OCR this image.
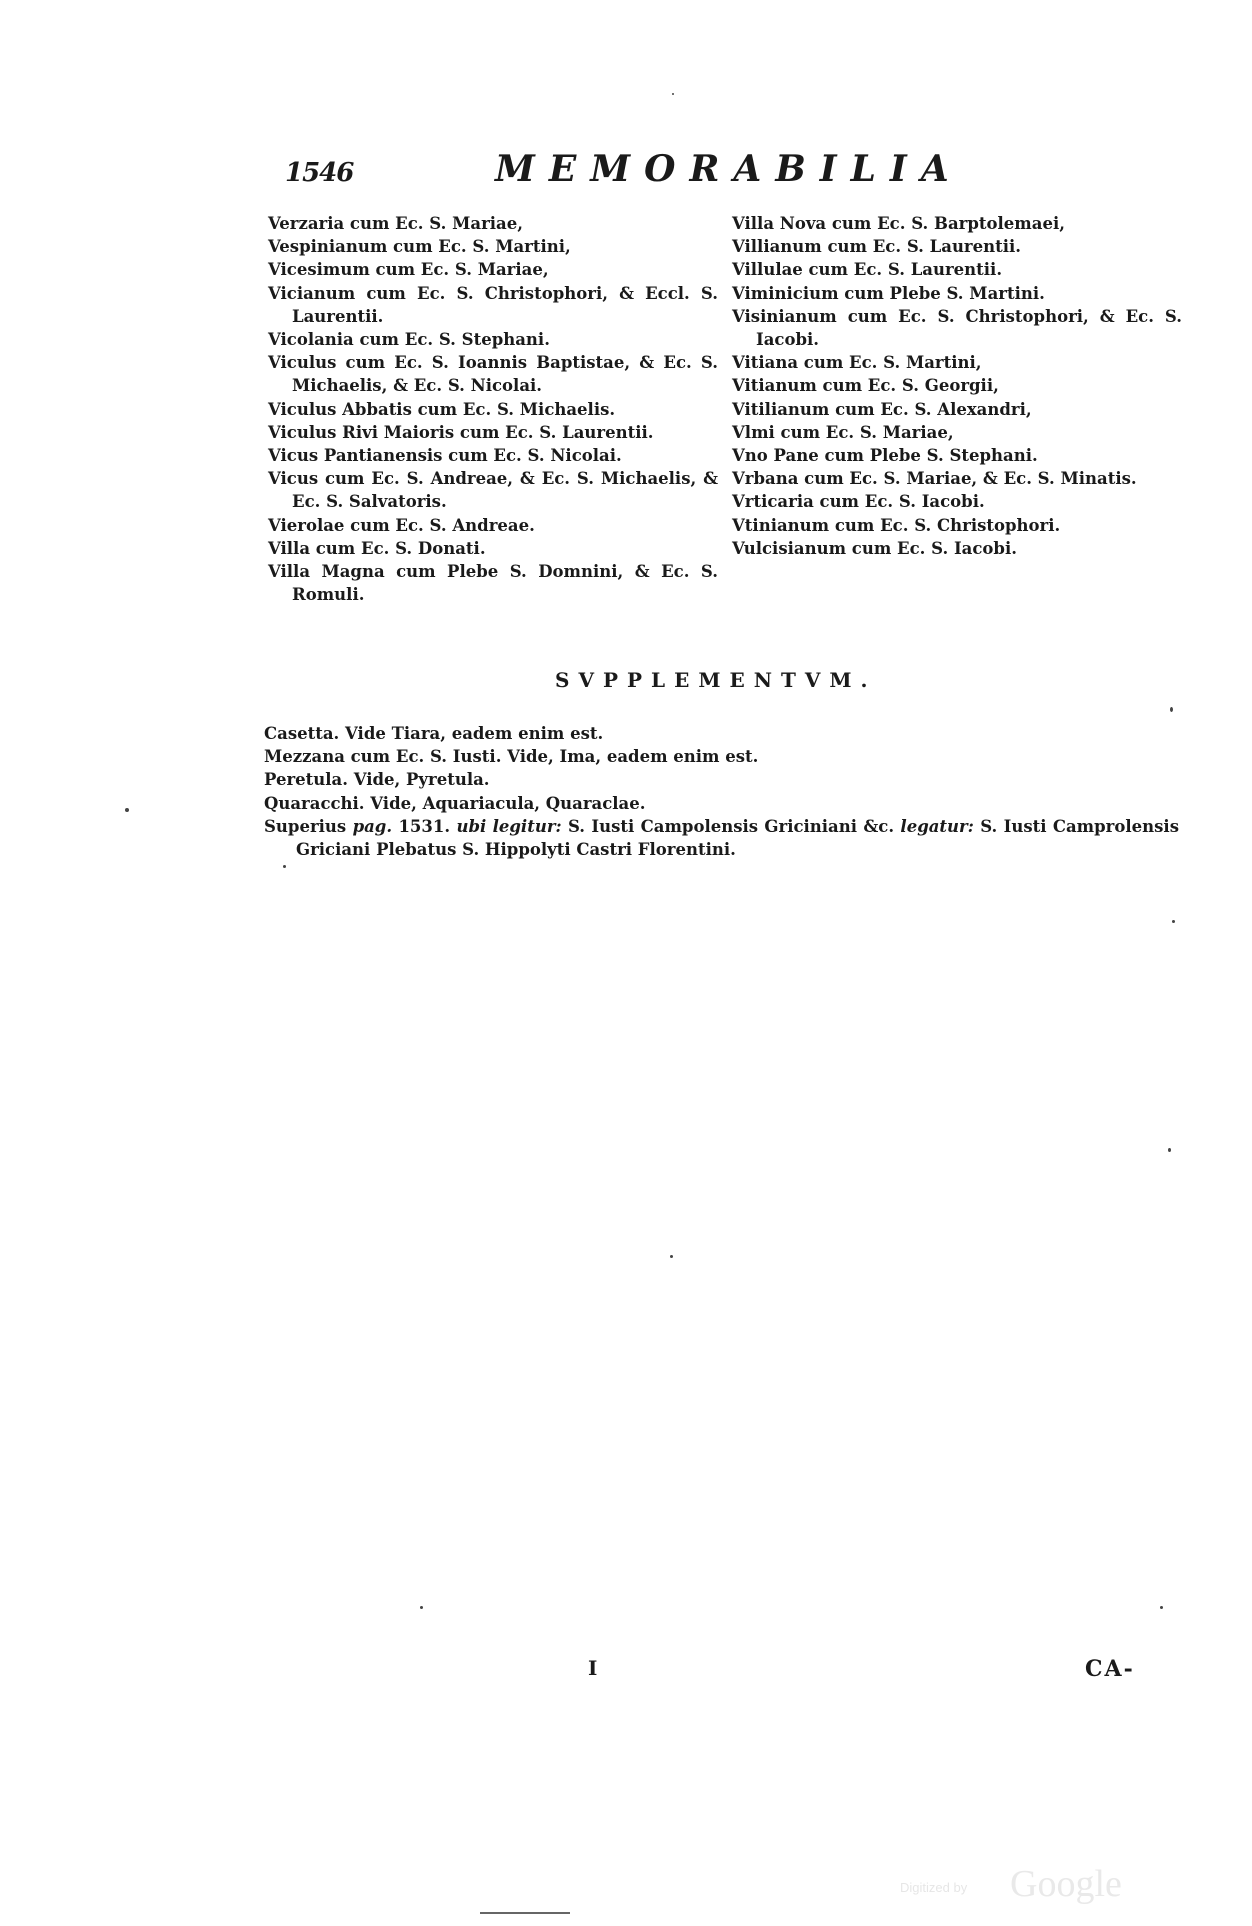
1546	MEMORABILIA

Verzaria cum Ec. S. Mariae,

Vespinianum cum Ec. S. Martini,

Vicesimum cum Ec. S. Mariae,

Vicianum cum Ec. S. Christophori, & Eccl. S. Laurentii.

Vicolania cum Ec. S. Stephani.

Viculus cum Ec. S. Ioannis Baptistae, & Ec. S. Michaelis, & Ec. S. Nicolai.

Viculus Abbatis cum Ec. S. Michaelis.

Viculus Rivi Maioris cum Ec. S. Laurentii.

Vicus Pantianensis cum Ec. S. Nicolai.

Vicus cum Ec. S. Andreae, & Ec. S. Michaelis, & Ec. S. Salvatoris.

Vierolae cum Ec. S. Andreae.

Villa cum Ec. S. Donati.

Villa Magna cum Plebe S. Domnini, & Ec. S. Romuli.

Villa Nova cum Ec. S. Barptolemaei,

Villianum cum Ec. S. Laurentii.

Villulae cum Ec. S. Laurentii.

Viminicium cum Plebe S. Martini.

Visinianum cum Ec. S. Christophori, & Ec. S. Iacobi.

Vitiana cum Ec. S. Martini,

Vitianum cum Ec. S. Georgii,

Vitilianum cum Ec. S. Alexandri,

Vlmi cum Ec. S. Mariae,

Vno Pane cum Plebe S. Stephani.

Vrbana cum Ec. S. Mariae, & Ec. S. Minatis.

Vrticaria cum Ec. S. Iacobi.

Vtinianum cum Ec. S. Christophori.

Vulcisianum cum Ec. S. Iacobi.

SVPPLEMENTVM.

Casetta. Vide Tiara, eadem enim est.

Mezzana cum Ec. S. Iusti. Vide, Ima, eadem enim est.

Peretula. Vide, Pyretula.

Quaracchi. Vide, Aquariacula, Quaraclae.

Superius pag. 1531. ubi legitur: S. Iusti Campolensis Griciniani &c. legatur: S. Iusti Camprolensis Griciani Plebatus S. Hippolyti Castri Florentini.

I	CA-
Digitized by Google
